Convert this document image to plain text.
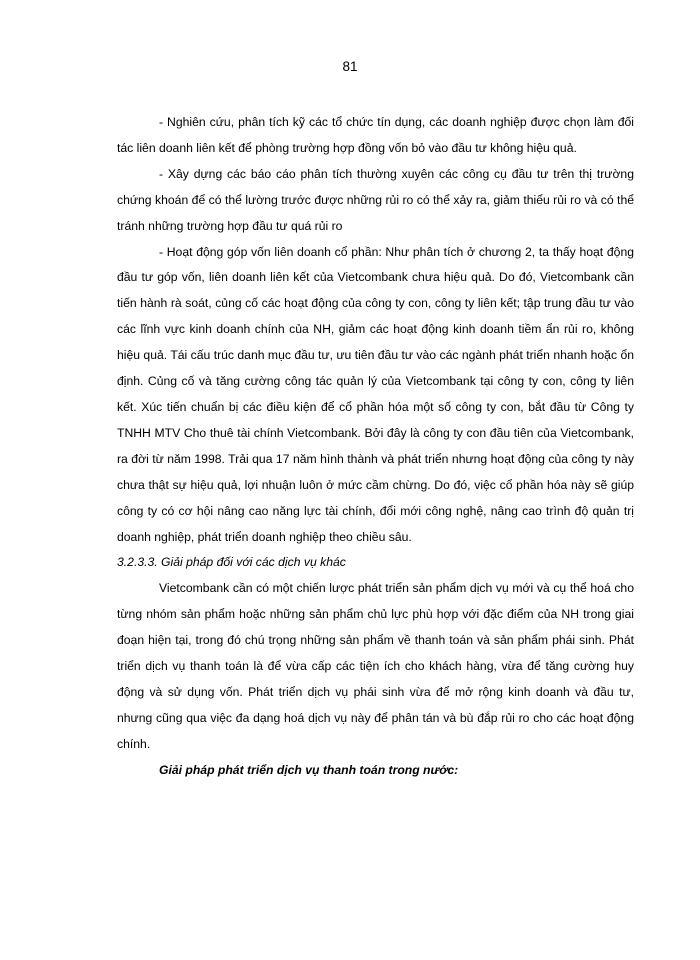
81

- Nghiên cứu, phân tích kỹ các tổ chức tín dụng, các doanh nghiệp được chọn làm đối tác liên doanh liên kết để phòng trường hợp đồng vốn bỏ vào đầu tư không hiệu quả.

- Xây dựng các báo cáo phân tích thường xuyên các công cụ đầu tư trên thị trường chứng khoán để có thể lường trước được những rủi ro có thể xảy ra, giảm thiểu rủi ro và có thể tránh những trường hợp đầu tư quá rủi ro

- Hoạt động góp vốn liên doanh cổ phần: Như phân tích ở chương 2, ta thấy hoạt động đầu tư góp vốn, liên doanh liên kết của Vietcombank chưa hiệu quả. Do đó, Vietcombank cần tiến hành rà soát, củng cố các hoạt động của công ty con, công ty liên kết; tập trung đầu tư vào các lĩnh vực kinh doanh chính của NH, giảm các hoạt động kinh doanh tiềm ẩn rủi ro, không hiệu quả. Tái cấu trúc danh mục đầu tư, ưu tiên đầu tư vào các ngành phát triển nhanh hoặc ổn định. Củng cố và tăng cường công tác quản lý của Vietcombank tại công ty con, công ty liên kết. Xúc tiến chuẩn bị các điều kiện để cổ phần hóa một số công ty con, bắt đầu từ Công ty TNHH MTV Cho thuê tài chính Vietcombank. Bởi đây là công ty con đầu tiên của Vietcombank, ra đời từ năm 1998. Trải qua 17 năm hình thành và phát triển nhưng hoạt động của công ty này chưa thật sự hiệu quả, lợi nhuận luôn ở mức cầm chừng. Do đó, việc cổ phần hóa này sẽ giúp công ty có cơ hội nâng cao năng lực tài chính, đổi mới công nghệ, nâng cao trình độ quản trị doanh nghiệp, phát triển doanh nghiệp theo chiều sâu.

3.2.3.3. Giải pháp đối với các dịch vụ khác

Vietcombank cần có một chiến lược phát triển sản phẩm dịch vụ mới và cụ thể hoá cho từng nhóm sản phẩm hoặc những sản phẩm chủ lực phù hợp với đặc điểm của NH trong giai đoạn hiện tại, trong đó chú trọng những sản phẩm về thanh toán và sản phẩm phái sinh. Phát triển dịch vụ thanh toán là để vừa cấp các tiện ích cho khách hàng, vừa để tăng cường huy động và sử dụng vốn. Phát triển dịch vụ phái sinh vừa để mở rộng kinh doanh và đầu tư, nhưng cũng qua việc đa dạng hoá dịch vụ này để phân tán và bù đắp rủi ro cho các hoạt động chính.

Giải pháp phát triển dịch vụ thanh toán trong nước:
